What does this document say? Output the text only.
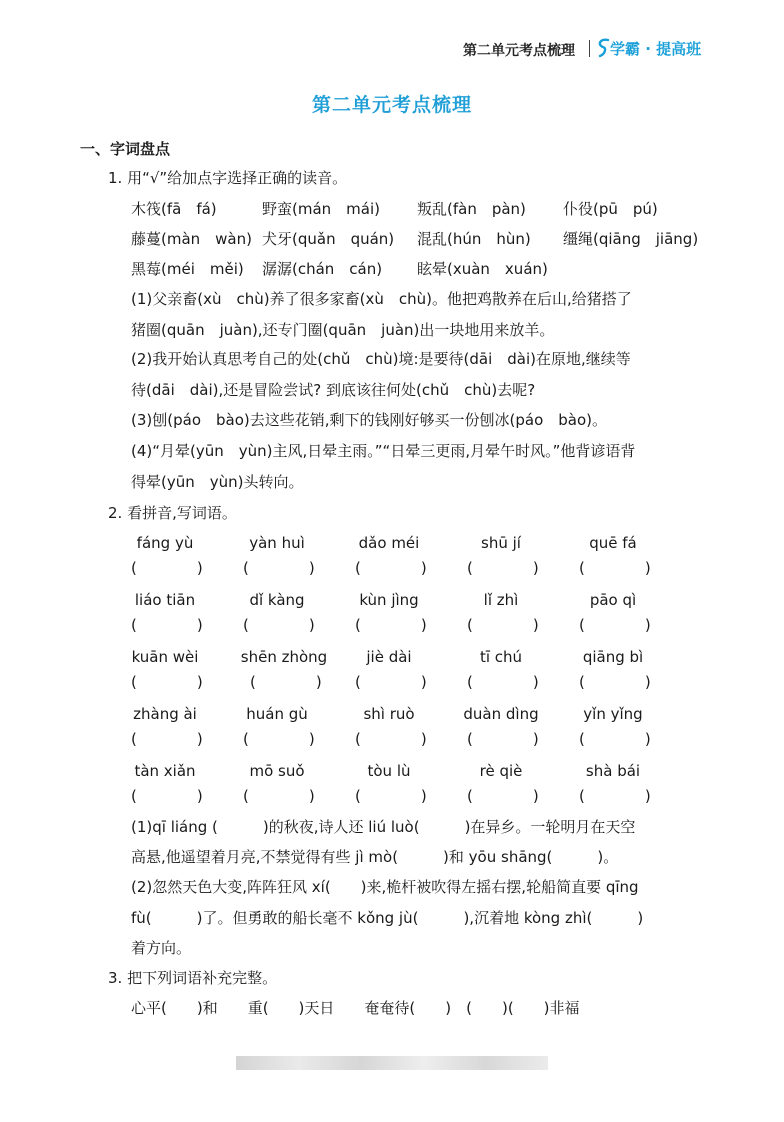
第二单元考点梳理 学霸 · 提高班
第二单元考点梳理
一、字词盘点
1. 用“√”给加点字选择正确的读音。
木筏(fā　fá)	野蛮(mán　mái) 叛乱(fàn　pàn) 仆役(pū　pú)
藤蔓(màn　wàn) 犬牙(quǎn　quán) 混乱(hún　hùn) 缰绳(qiāng　jiāng)
黑莓(méi　měi) 潺潺(chán　cán) 眩晕(xuàn　xuán)
(1)父亲畜(xù　chù)养了很多家畜(xù　chù)。他把鸡散养在后山,给猪搭了
猪圈(quān　juàn),还专门圈(quān　juàn)出一块地用来放羊。
(2)我开始认真思考自己的处(chǔ　chù)境:是要待(dāi　dài)在原地,继续等
待(dāi　dài),还是冒险尝试? 到底该往何处(chǔ　chù)去呢?
(3)刨(páo　bào)去这些花销,剩下的钱刚好够买一份刨冰(páo　bào)。
(4)“月晕(yūn　yùn)主风,日晕主雨。”“日晕三更雨,月晕午时风。”他背谚语背
得晕(yūn　yùn)头转向。
2. 看拼音,写词语。
fáng yù	yàn huì	dǎo méi	shū jí	quē fá
(　　　　)	(　　　　)	(　　　　)	(　　　　)	(　　　　)
liáo tiān	dǐ kàng	kùn jìng	lǐ zhì	pāo qì
(　　　　)	(　　　　)	(　　　　)	(　　　　)	(　　　　)
kuān wèi	shēn zhòng	jiè dài	tī chú	qiāng bì
(　　　　)	(　　　　) (　　　　)	(　　　　)	(　　　　)
zhàng ài	huán gù	shì ruò	duàn dìng	yǐn yǐng
(　　　　)	(　　　　)	(　　　　)	(　　　　)	(　　　　)
tàn xiǎn	mō suǒ	tòu lù	rè qiè	shà bái
(　　　　)	(　　　　)	(　　　　)	(　　　　)	(　　　　)
(1)qī liáng (　　　)的秋夜,诗人还 liú luò(　　　)在异乡。一轮明月在天空
高悬,他遥望着月亮,不禁觉得有些 jì mò(　　　)和 yōu shāng(　　　)。
(2)忽然天色大变,阵阵狂风 xí(　　)来,桅杆被吹得左摇右摆,轮船简直要 qīng
fù(　　　)了。但勇敢的船长毫不 kǒng jù(　　　),沉着地 kòng zhì(　　　)
着方向。
3. 把下列词语补充完整。
心平(　　)和　　重(　　)天日　　奄奄待(　　)　(　　)(　　)非福
